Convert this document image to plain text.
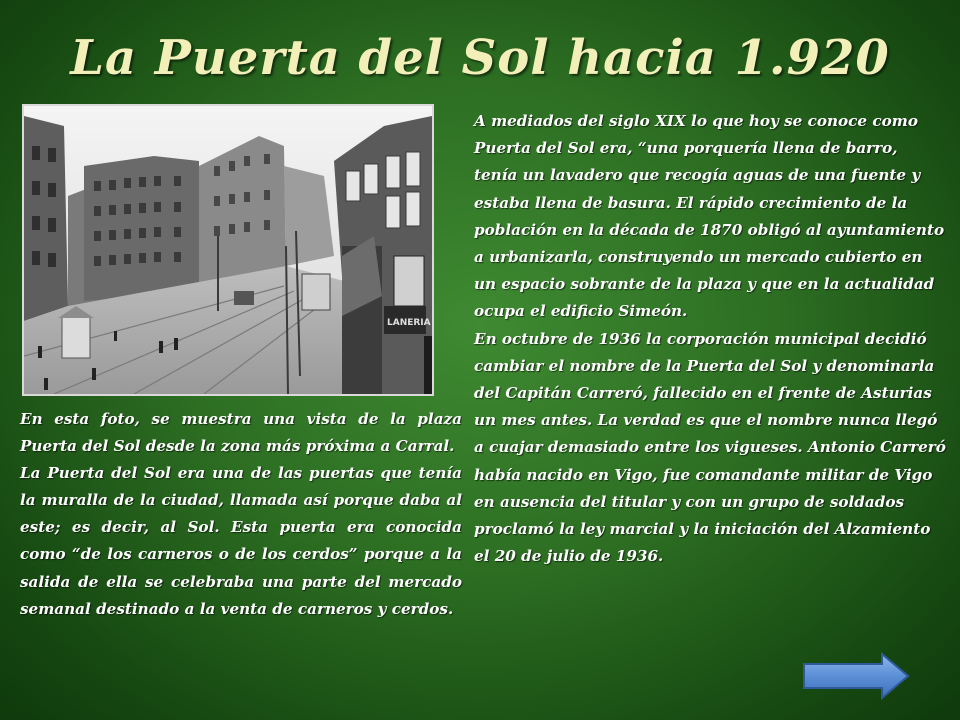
La Puerta del Sol hacia 1.920
LANERIA

A mediados del siglo XIX lo que hoy se conoce como Puerta del Sol era, “una porquería llena de barro, tenía un lavadero que recogía aguas de una fuente y estaba llena de basura. El rápido crecimiento de la población en la década de 1870 obligó al ayuntamiento a urbanizarla, construyendo un mercado cubierto en un espacio sobrante de la plaza y que en la actualidad ocupa el edificio Simeón.

En octubre de 1936 la corporación municipal decidió cambiar el nombre de la Puerta del Sol y denominarla del Capitán Carreró, fallecido en el frente de Asturias un mes antes. La verdad es que el nombre nunca llegó a cuajar demasiado entre los vigueses. Antonio Carreró había nacido en Vigo, fue comandante militar de Vigo en ausencia del titular y con un grupo de soldados proclamó la ley marcial y la iniciación del Alzamiento el 20 de julio de 1936.

En esta foto, se muestra una vista de la plaza Puerta del Sol desde la zona más próxima a Carral.

La Puerta del Sol era una de las puertas que tenía la muralla de la ciudad, llamada así porque daba al este; es decir, al Sol. Esta puerta era conocida como “de los carneros o de los cerdos” porque a la salida de ella se celebraba una parte del mercado semanal destinado a la venta de carneros y cerdos.
